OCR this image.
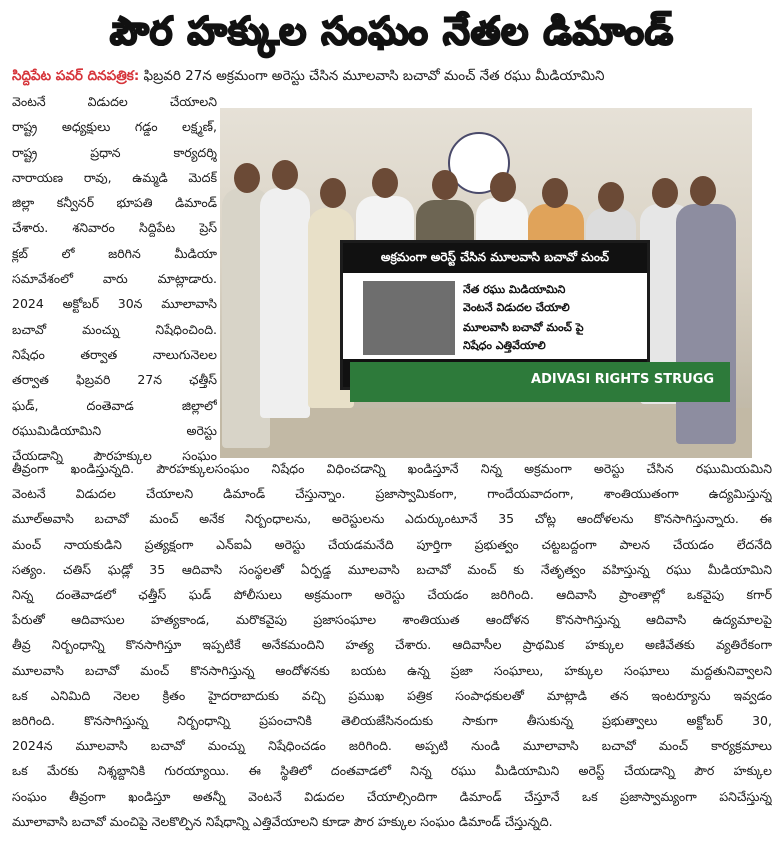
పౌర హక్కుల సంఘం నేతల డిమాండ్
సిద్దిపేట పవర్ దినపత్రిక: ఫిబ్రవరి 27న అక్రమంగా అరెస్టు చేసిన మూలవాసి బచావో మంచ్ నేత రఘు మీడియామిని
వెంటనే విడుదల చేయాలని
రాష్ట్ర అధ్యక్షులు గడ్డం లక్ష్మణ్,
రాష్ట్ర ప్రధాన కార్యదర్శి
నారాయణ రావు, ఉమ్మడి మెదక్
జిల్లా కన్వీనర్ భూపతి డిమాండ్
చేశారు. శనివారం సిద్దిపేట ప్రెస్
క్లబ్ లో జరిగిన మీడియా
సమావేశంలో వారు మాట్లాడారు.
2024 అక్టోబర్ 30న మూలావాసి
బచావో మంచ్ను నిషేధించింది.
నిషేధం తర్వాత నాలుగునెలల
తర్వాత ఫిబ్రవరి 27న ఛత్తీస్
ఘడ్, దంతెవాడ జిల్లాలో
రఘుమిడియామిని అరెస్టు
చేయడాన్ని పౌరహక్కుల సంఘం
అక్రమంగా అరెస్ట్ చేసిన మూలవాసి బచావో మంచ్
నేత రఘు మిడియామిని
వెంటనే విడుదల చేయాలి
మూలవాసి బచావో మంచ్ పై
నిషేధం ఎత్తివేయాలి
ADIVASI RIGHTS STRUGG
తీవ్రంగా ఖండిస్తున్నది. పౌరహక్కులసంఘం నిషేధం విధించడాన్ని ఖండిస్తూనే నిన్న అక్రమంగా అరెస్టు చేసిన రఘుమియమిని
వెంటనే విడుదల చేయాలని డిమాండ్ చేస్తున్నాం. ప్రజాస్వామికంగా, గాందేయవాదంగా, శాంతియుతంగా ఉద్యమిస్తున్న
మూల్అవాసి బచావో మంచ్ అనేక నిర్బంధాలను, అరెస్టులను ఎదుర్కుంటూనే 35 చోట్ల ఆందోళలను కొనసాగిస్తున్నారు. ఈ
మంచ్ నాయకుడిని ప్రత్యక్షంగా ఎన్ఐఏ అరెస్టు చేయడమనేది పూర్తిగా ప్రభుత్వం చట్టబద్దంగా పాలన చేయడం లేదనేది
సత్యం. చతిస్ ఘడ్లో 35 ఆదివాసి సంస్థలతో ఏర్పడ్డ మూలవాసి బచావో మంచ్ కు నేతృత్వం వహిస్తున్న రఘు మీడియామిని
నిన్న దంతెవాడలో ఛత్తీస్ ఘడ్ పోలీసులు అక్రమంగా అరెస్టు చేయడం జరిగింది. ఆదివాసి ప్రాంతాల్లో ఒకవైపు కగార్
పేరుతో ఆదివాసుల హత్యకాండ, మరొకవైపు ప్రజాసంఘాల శాంతియుత ఆందోళన కొనసాగిస్తున్న ఆదివాసి ఉద్యమాలపై
తీవ్ర నిర్బంధాన్ని కొనసాగిస్తూ ఇప్పటికే అనేకమందిని హత్య చేశారు. ఆదివాసీల ప్రాథమిక హక్కుల అణివేతకు వ్యతిరేకంగా
మూలవాసి బచావో మంచ్ కొనసాగిస్తున్న ఆందోళనకు బయట ఉన్న ప్రజా సంఘాలు, హక్కుల సంఘాలు మద్దతునివ్వాలని
ఒక ఎనిమిది నెలల క్రితం హైదరాబాదుకు వచ్చి ప్రముఖ పత్రిక సంపాధకులతో మాట్లాడి తన ఇంటర్యూను ఇవ్వడం
జరిగింది. కొనసాగిస్తున్న నిర్బంధాన్ని ప్రపంచానికి తెలియజేసినందుకు సాకుగా తీసుకున్న ప్రభుత్వాలు అక్టోబర్ 30,
2024న మూలవాసి బచావో మంచ్ను నిషేధించడం జరిగింది. అప్పటి నుండి మూలావాసి బచావో మంచ్ కార్యక్రమాలు
ఒక మేరకు నిశ్శబ్దానికి గురయ్యాయి. ఈ స్థితిలో దంతవాడలో నిన్న రఘు మీడియామిని అరెస్ట్ చేయడాన్ని పౌర హక్కుల
సంఘం తీవ్రంగా ఖండిస్తూ అతన్నీ వెంటనే విడుదల చేయాల్సిందిగా డిమాండ్ చేస్తూనే ఒక ప్రజాస్వామ్యంగా పనిచేస్తున్న
మూలావాసి బచావో మంచిపై నెలకొల్పిన నిషేధాన్ని ఎత్తివేయాలని కూడా పౌర హక్కుల సంఘం డిమాండ్ చేస్తున్నది.
